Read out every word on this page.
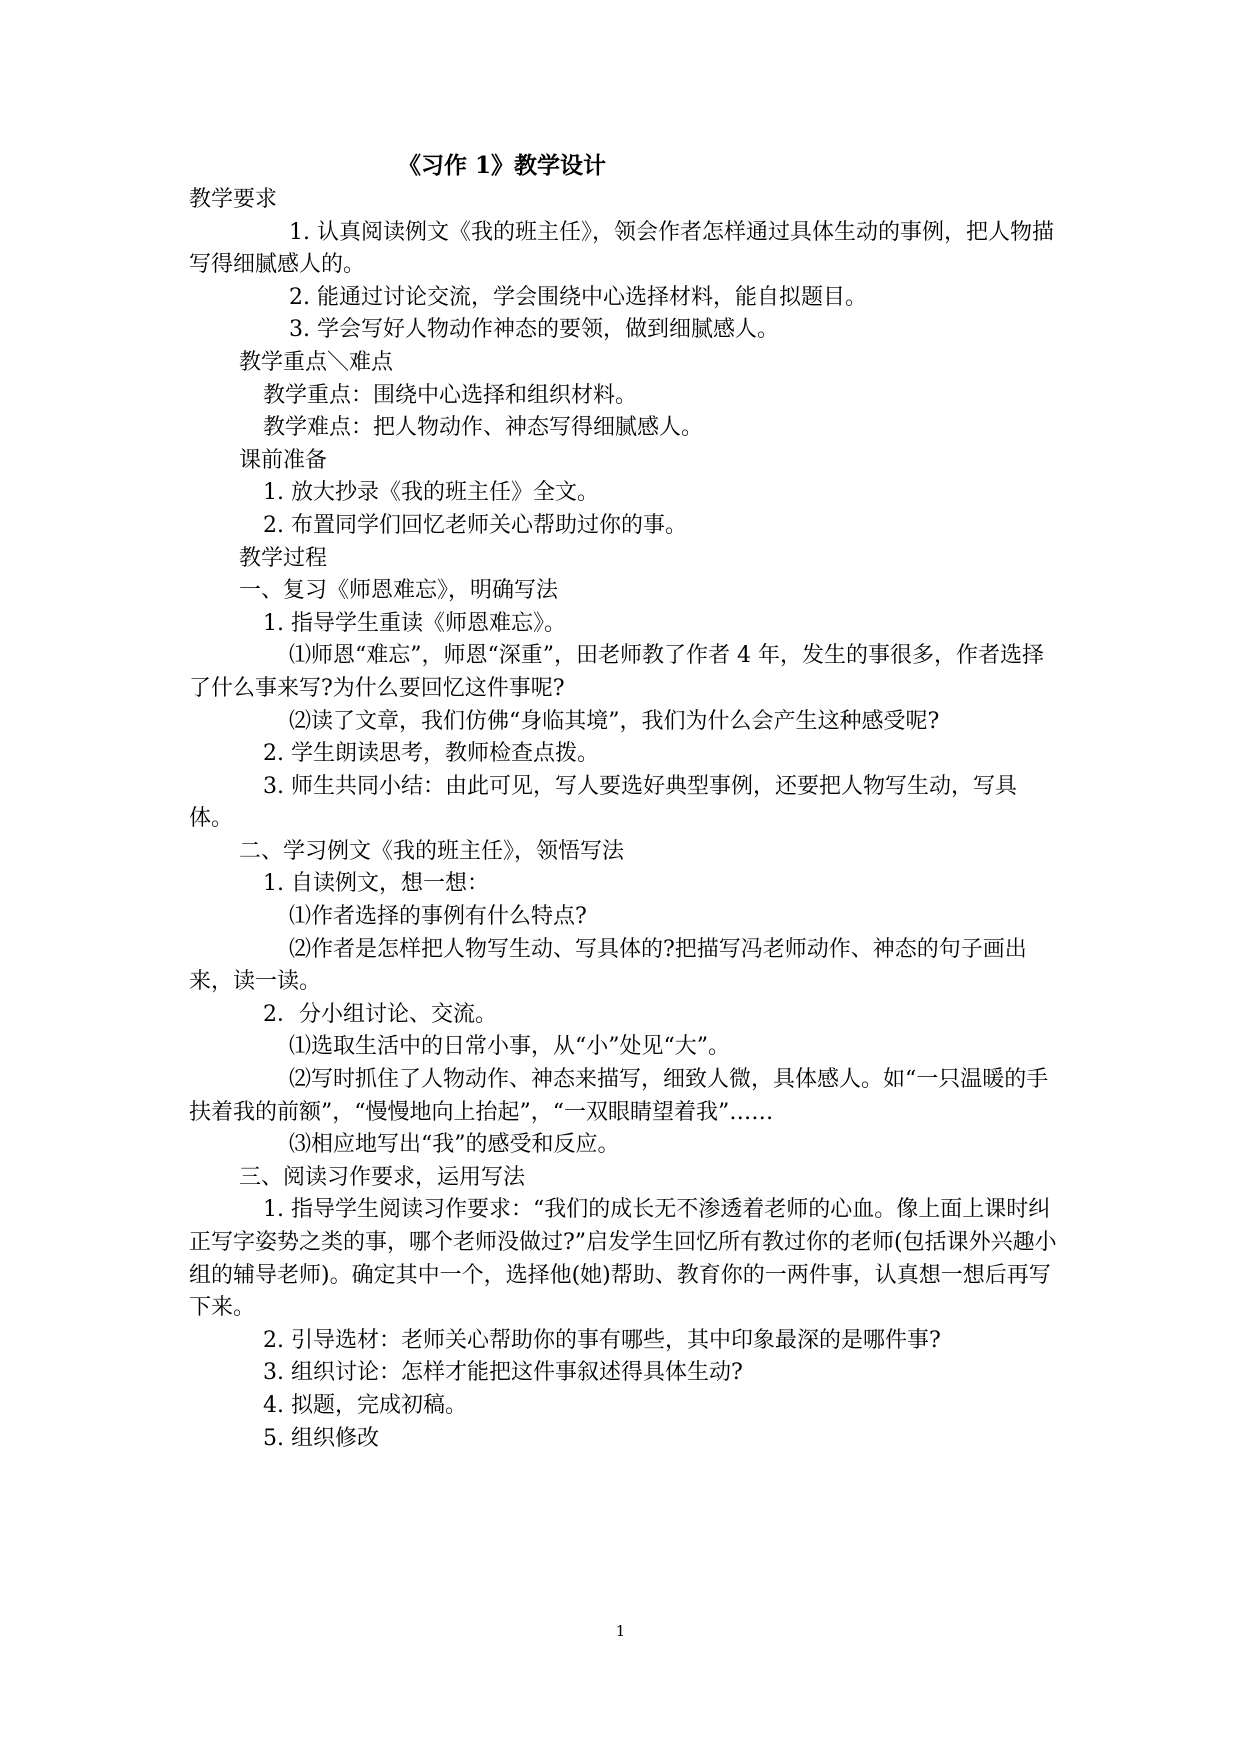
《习作 1》教学设计

教学要求

1. 认真阅读例文《我的班主任》，领会作者怎样通过具体生动的事例，把人物描写得细腻感人的。

2. 能通过讨论交流，学会围绕中心选择材料，能自拟题目。

3. 学会写好人物动作神态的要领，做到细腻感人。

教学重点＼难点

教学重点：围绕中心选择和组织材料。

教学难点：把人物动作、神态写得细腻感人。

课前准备

1. 放大抄录《我的班主任》全文。

2. 布置同学们回忆老师关心帮助过你的事。

教学过程

一、复习《师恩难忘》，明确写法

1. 指导学生重读《师恩难忘》。

⑴师恩“难忘”，师恩“深重”，田老师教了作者 4 年，发生的事很多，作者选择了什么事来写?为什么要回忆这件事呢?

⑵读了文章，我们仿佛“身临其境”，我们为什么会产生这种感受呢?

2. 学生朗读思考，教师检查点拨。

3. 师生共同小结：由此可见，写人要选好典型事例，还要把人物写生动，写具体。

二、学习例文《我的班主任》，领悟写法

1. 自读例文，想一想：

⑴作者选择的事例有什么特点?

⑵作者是怎样把人物写生动、写具体的?把描写冯老师动作、神态的句子画出来，读一读。

2．分小组讨论、交流。

⑴选取生活中的日常小事，从“小”处见“大”。

⑵写时抓住了人物动作、神态来描写，细致人微，具体感人。如“一只温暖的手扶着我的前额”，“慢慢地向上抬起”，“一双眼睛望着我”……

⑶相应地写出“我”的感受和反应。

三、阅读习作要求，运用写法

1. 指导学生阅读习作要求：“我们的成长无不渗透着老师的心血。像上面上课时纠正写字姿势之类的事，哪个老师没做过?”启发学生回忆所有教过你的老师(包括课外兴趣小组的辅导老师)。确定其中一个，选择他(她)帮助、教育你的一两件事，认真想一想后再写下来。

2. 引导选材：老师关心帮助你的事有哪些，其中印象最深的是哪件事?

3. 组织讨论：怎样才能把这件事叙述得具体生动?

4. 拟题，完成初稿。

5. 组织修改

1
